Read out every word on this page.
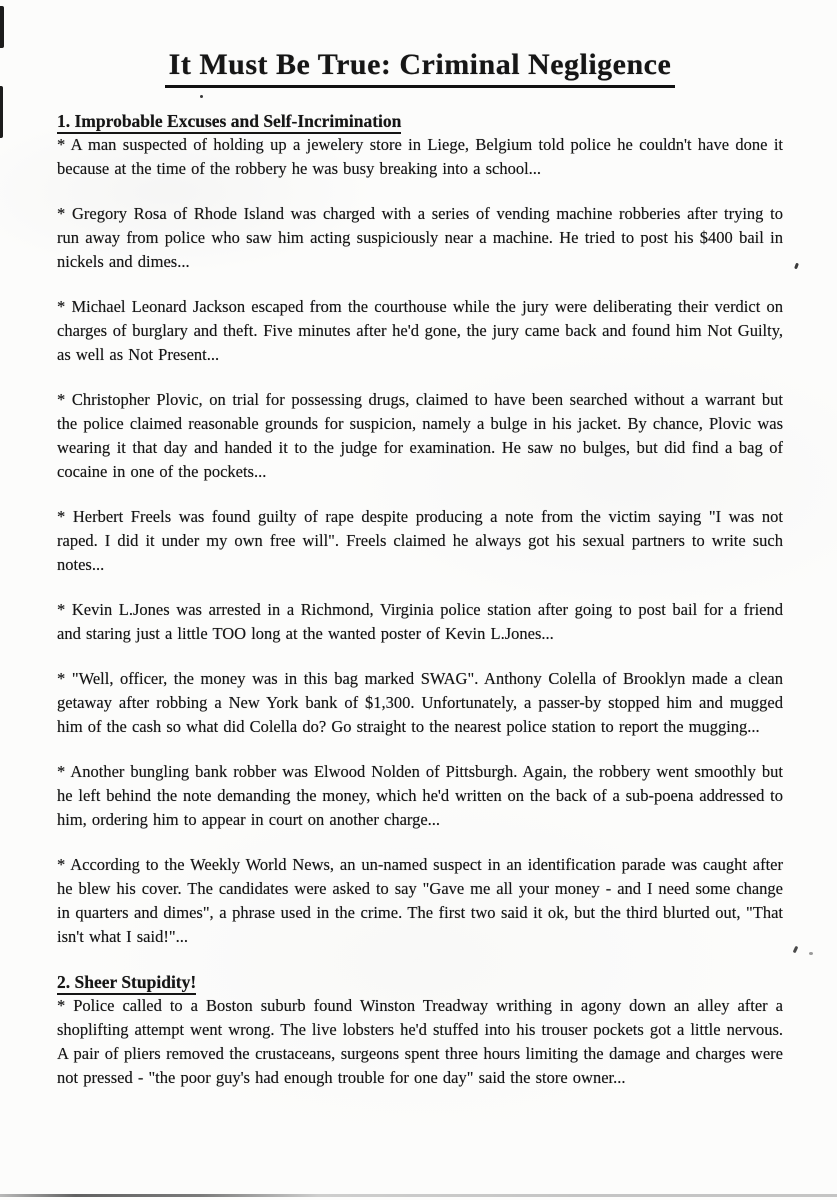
It Must Be True: Criminal Negligence
1. Improbable Excuses and Self-Incrimination

* A man suspected of holding up a jewelery store in Liege, Belgium told police he couldn't have done it because at the time of the robbery he was busy breaking into a school...

* Gregory Rosa of Rhode Island was charged with a series of vending machine robberies after trying to run away from police who saw him acting suspiciously near a machine. He tried to post his $400 bail in nickels and dimes...

* Michael Leonard Jackson escaped from the courthouse while the jury were deliberating their verdict on charges of burglary and theft. Five minutes after he'd gone, the jury came back and found him Not Guilty, as well as Not Present...

* Christopher Plovic, on trial for possessing drugs, claimed to have been searched without a warrant but the police claimed reasonable grounds for suspicion, namely a bulge in his jacket. By chance, Plovic was wearing it that day and handed it to the judge for examination. He saw no bulges, but did find a bag of cocaine in one of the pockets...

* Herbert Freels was found guilty of rape despite producing a note from the victim saying "I was not raped. I did it under my own free will". Freels claimed he always got his sexual partners to write such notes...

* Kevin L.Jones was arrested in a Richmond, Virginia police station after going to post bail for a friend and staring just a little TOO long at the wanted poster of Kevin L.Jones...

* "Well, officer, the money was in this bag marked SWAG". Anthony Colella of Brooklyn made a clean getaway after robbing a New York bank of $1,300. Unfortunately, a passer-by stopped him and mugged him of the cash so what did Colella do? Go straight to the nearest police station to report the mugging...

* Another bungling bank robber was Elwood Nolden of Pittsburgh. Again, the robbery went smoothly but he left behind the note demanding the money, which he'd written on the back of a sub-poena addressed to him, ordering him to appear in court on another charge...

* According to the Weekly World News, an un-named suspect in an identification parade was caught after he blew his cover. The candidates were asked to say "Gave me all your money - and I need some change in quarters and dimes", a phrase used in the crime. The first two said it ok, but the third blurted out, "That isn't what I said!"...

2. Sheer Stupidity!

* Police called to a Boston suburb found Winston Treadway writhing in agony down an alley after a shoplifting attempt went wrong. The live lobsters he'd stuffed into his trouser pockets got a little nervous. A pair of pliers removed the crustaceans, surgeons spent three hours limiting the damage and charges were not pressed - "the poor guy's had enough trouble for one day" said the store owner...
